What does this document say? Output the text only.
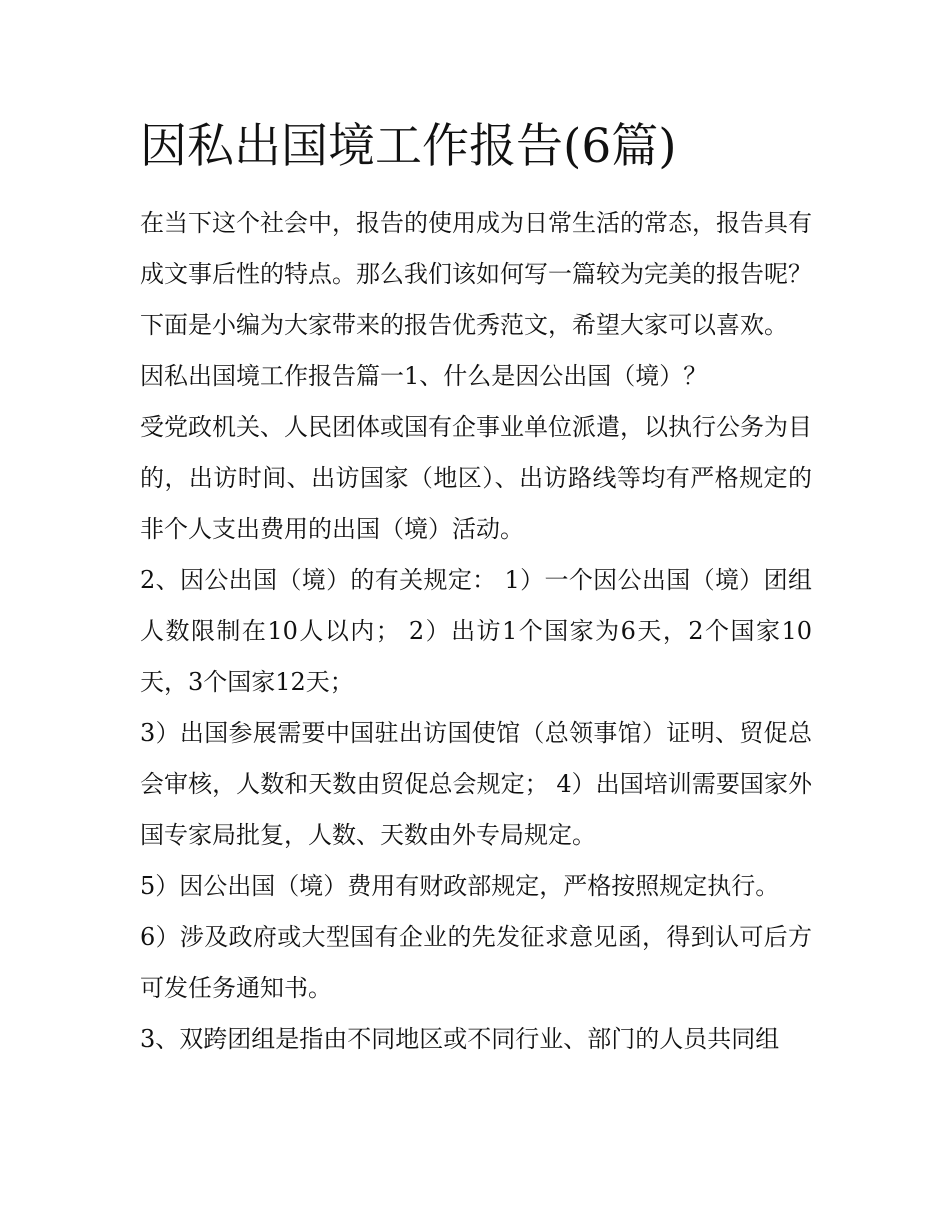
因私出国境工作报告(6篇)

在当下这个社会中，报告的使用成为日常生活的常态，报告具有成文事后性的特点。那么我们该如何写一篇较为完美的报告呢？下面是小编为大家带来的报告优秀范文，希望大家可以喜欢。

因私出国境工作报告篇一1、什么是因公出国（境）？

受党政机关、人民团体或国有企事业单位派遣，以执行公务为目的，出访时间、出访国家（地区）、出访路线等均有严格规定的非个人支出费用的出国（境）活动。

2、因公出国（境）的有关规定： 1）一个因公出国（境）团组人数限制在10人以内； 2）出访1个国家为6天，2个国家10天，3个国家12天；

3）出国参展需要中国驻出访国使馆（总领事馆）证明、贸促总会审核，人数和天数由贸促总会规定； 4）出国培训需要国家外国专家局批复，人数、天数由外专局规定。

5）因公出国（境）费用有财政部规定，严格按照规定执行。

6）涉及政府或大型国有企业的先发征求意见函，得到认可后方可发任务通知书。

3、双跨团组是指由不同地区或不同行业、部门的人员共同组
